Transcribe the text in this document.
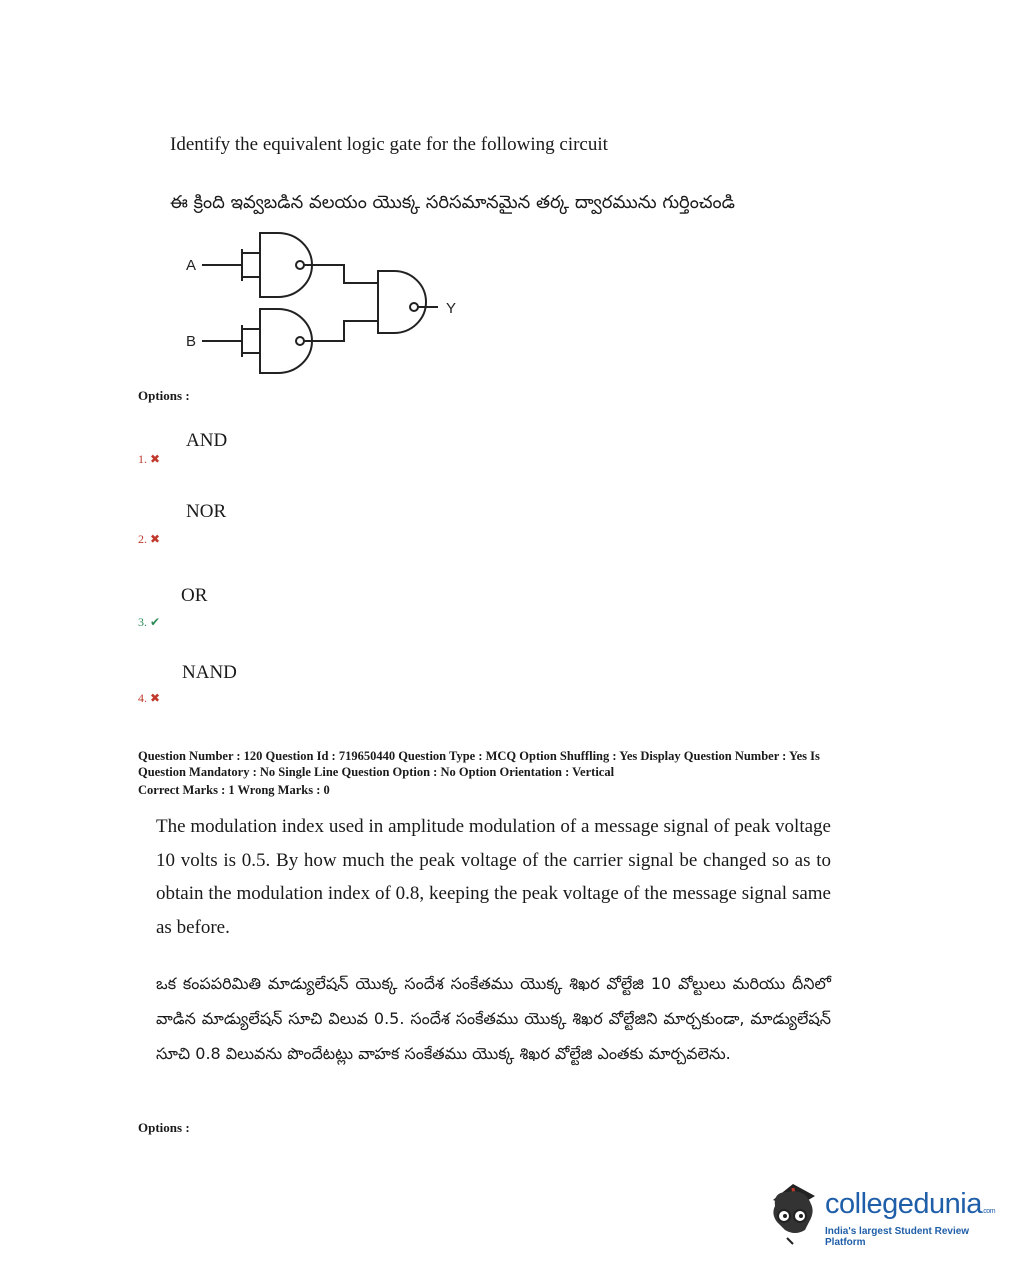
Identify the equivalent logic gate for the following circuit
ఈ క్రింది ఇవ్వబడిన వలయం యొక్క సరిసమానమైన తర్క ద్వారమును గుర్తించండి
A
B
Y
Options :
AND
1. ✖
NOR
2. ✖
OR
3. ✔
NAND
4. ✖
Question Number : 120 Question Id : 719650440 Question Type : MCQ Option Shuffling : Yes Display Question Number : Yes Is
Question Mandatory : No Single Line Question Option : No Option Orientation : Vertical
Correct Marks : 1 Wrong Marks : 0
The modulation index used in amplitude modulation of a message signal of peak voltage 10 volts is 0.5. By how much the peak voltage of the carrier signal be changed so as to obtain the modulation index of 0.8, keeping the peak voltage of the message signal same as before.
ఒక కంపపరిమితి మాడ్యులేషన్ యొక్క సందేశ సంకేతము యొక్క శిఖర వోల్టేజి 10 వోల్టులు మరియు దీనిలో వాడిన మాడ్యులేషన్ సూచి విలువ 0.5. సందేశ సంకేతము యొక్క శిఖర వోల్టేజిని మార్చకుండా, మాడ్యులేషన్ సూచి 0.8 విలువను పొందేటట్లు వాహక సంకేతము యొక్క శిఖర వోల్టేజి ఎంతకు మార్చవలెను.
Options :
collegedunia.com
India's largest Student Review Platform
